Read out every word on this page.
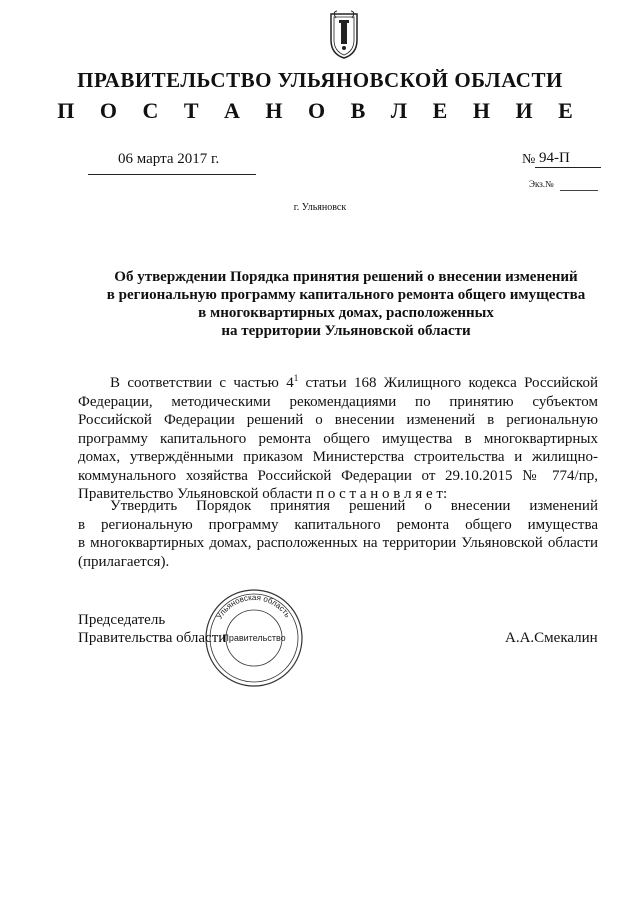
ПРАВИТЕЛЬСТВО УЛЬЯНОВСКОЙ ОБЛАСТИ
П О С Т А Н О В Л Е Н И Е
06 марта 2017 г.	№ 94-П
Экз.№
г. Ульяновск
Об утверждении Порядка принятия решений о внесении изменений
в региональную программу капитального ремонта общего имущества
в многоквартирных домах, расположенных
на территории Ульяновской области
В соответствии с частью $4^1$ статьи 168 Жилищного кодекса Российской
Федерации, методическими рекомендациями по принятию субъектом
Российской Федерации решений о внесении изменений в региональную
программу капитального ремонта общего имущества в многоквартирных
домах, утверждёнными приказом Министерства строительства и жилищно-
коммунального хозяйства Российской Федерации от 29.10.2015 № 774/пр,
Правительство Ульяновской области п о с т а н о в л я е т:
Утвердить Порядок принятия решений о внесении изменений
в региональную программу капитального ремонта общего имущества
в многоквартирных домах, расположенных на территории Ульяновской области
(прилагается).
Ульяновская область
Правительство
Председатель
Правительства области	А.А.Смекалин
